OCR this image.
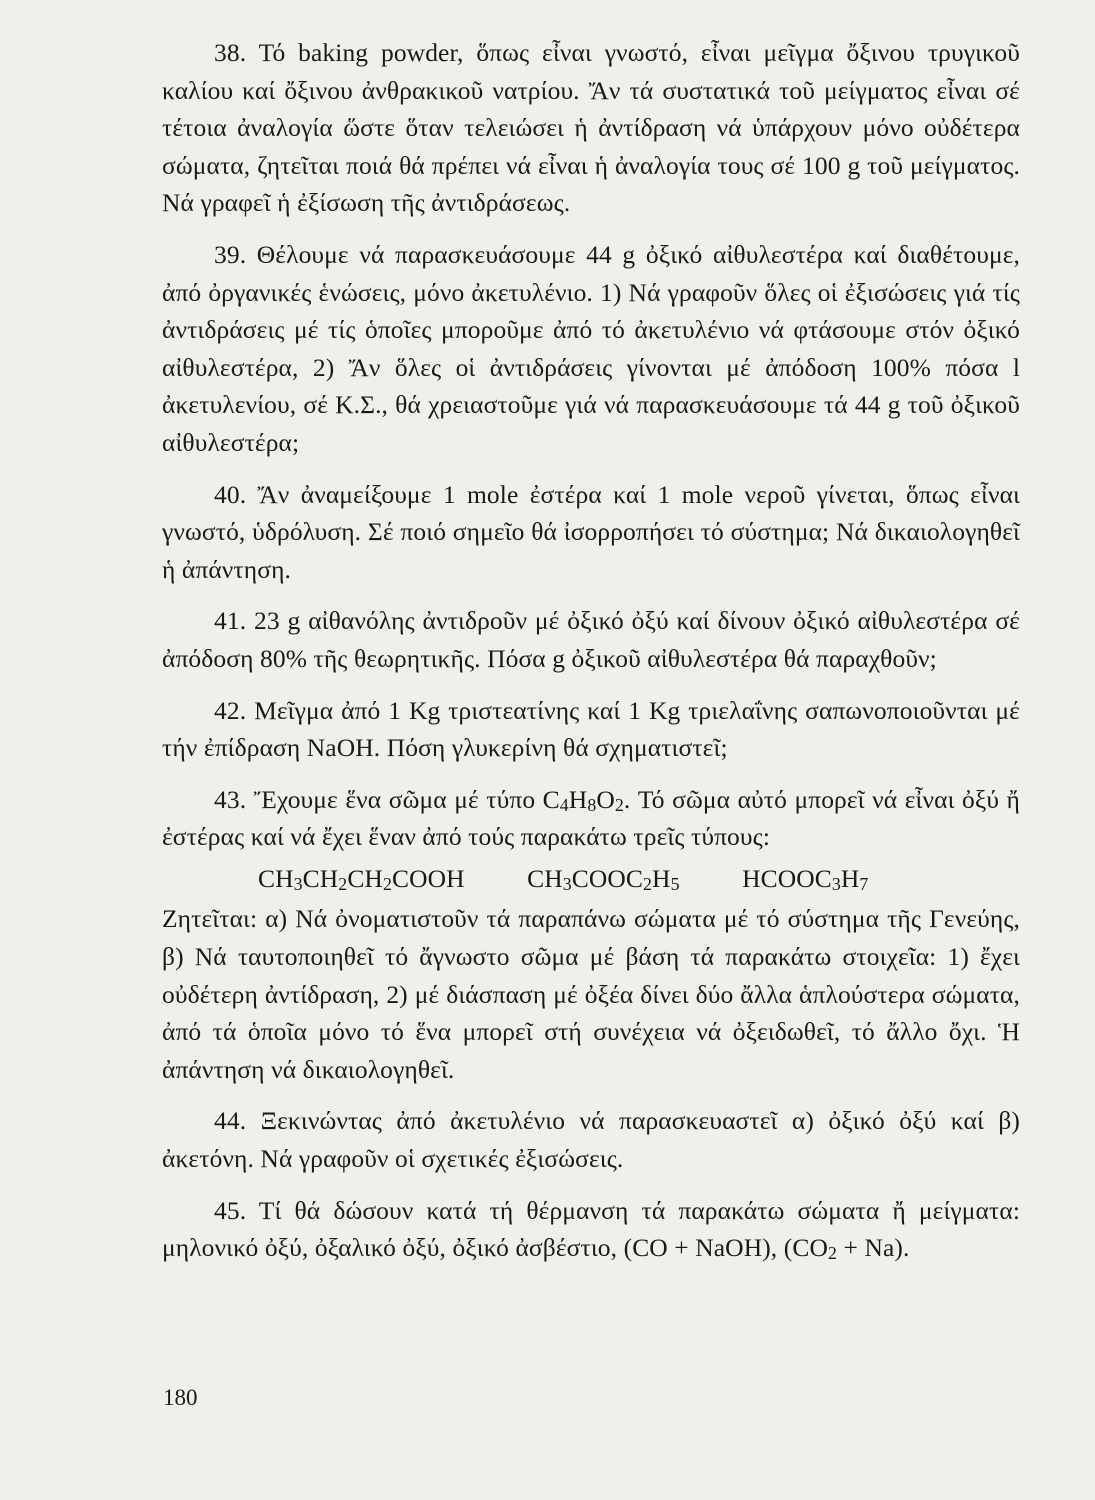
38. Τό baking powder, ὅπως εἶναι γνωστό, εἶναι μεῖγμα ὄξινου τρυγικοῦ καλίου καί ὄξινου ἀνθρακικοῦ νατρίου. Ἄν τά συστατικά τοῦ μείγματος εἶναι σέ τέτοια ἀναλογία ὥστε ὅταν τελειώσει ἡ ἀντίδραση νά ὑπάρχουν μόνο οὐδέτερα σώματα, ζητεῖται ποιά θά πρέπει νά εἶναι ἡ ἀναλογία τους σέ 100 g τοῦ μείγματος. Νά γραφεῖ ἡ ἐξίσωση τῆς ἀντιδράσεως.

39. Θέλουμε νά παρασκευάσουμε 44 g ὀξικό αἰθυλεστέρα καί διαθέτουμε, ἀπό ὀργανικές ἑνώσεις, μόνο ἀκετυλένιο. 1) Νά γραφοῦν ὅλες οἱ ἐξισώσεις γιά τίς ἀντιδράσεις μέ τίς ὁποῖες μποροῦμε ἀπό τό ἀκετυλένιο νά φτάσουμε στόν ὀξικό αἰθυλεστέρα, 2) Ἄν ὅλες οἱ ἀντιδράσεις γίνονται μέ ἀπόδοση 100% πόσα l ἀκετυλενίου, σέ Κ.Σ., θά χρειαστοῦμε γιά νά παρασκευάσουμε τά 44 g τοῦ ὀξικοῦ αἰθυλεστέρα;

40. Ἄν ἀναμείξουμε 1 mole ἐστέρα καί 1 mole νεροῦ γίνεται, ὅπως εἶναι γνωστό, ὑδρόλυση. Σέ ποιό σημεῖο θά ἰσορροπήσει τό σύστημα; Νά δικαιολογηθεῖ ἡ ἀπάντηση.

41. 23 g αἰθανόλης ἀντιδροῦν μέ ὀξικό ὀξύ καί δίνουν ὀξικό αἰθυλεστέρα σέ ἀπόδοση 80% τῆς θεωρητικῆς. Πόσα g ὀξικοῦ αἰθυλεστέρα θά παραχθοῦν;

42. Μεῖγμα ἀπό 1 Kg τριστεατίνης καί 1 Kg τριελαΐνης σαπωνοποιοῦνται μέ τήν ἐπίδραση NaOH. Πόση γλυκερίνη θά σχηματιστεῖ;

43. Ἔχουμε ἕνα σῶμα μέ τύπο $C_4H_8O_2$. Τό σῶμα αὐτό μπορεῖ νά εἶναι ὀξύ ἤ ἐστέρας καί νά ἔχει ἕναν ἀπό τούς παρακάτω τρεῖς τύπους:

$CH_3CH_2CH_2COOH$ $CH_3COOC_2H_5$ $HCOOC_3H_7$

Ζητεῖται: α) Νά ὀνοματιστοῦν τά παραπάνω σώματα μέ τό σύστημα τῆς Γενεύης, β) Νά ταυτοποιηθεῖ τό ἄγνωστο σῶμα μέ βάση τά παρακάτω στοιχεῖα: 1) ἔχει οὐδέτερη ἀντίδραση, 2) μέ διάσπαση μέ ὀξέα δίνει δύο ἄλλα ἁπλούστερα σώματα, ἀπό τά ὁποῖα μόνο τό ἕνα μπορεῖ στή συνέχεια νά ὀξειδωθεῖ, τό ἄλλο ὄχι. Ἡ ἀπάντηση νά δικαιολογηθεῖ.

44. Ξεκινώντας ἀπό ἀκετυλένιο νά παρασκευαστεῖ α) ὀξικό ὀξύ καί β) ἀκετόνη. Νά γραφοῦν οἱ σχετικές ἐξισώσεις.

45. Τί θά δώσουν κατά τή θέρμανση τά παρακάτω σώματα ἤ μείγματα: μηλονικό ὀξύ, ὀξαλικό ὀξύ, ὀξικό ἀσβέστιο, (CO + NaOH), $(CO_2 + Na)$.

180
